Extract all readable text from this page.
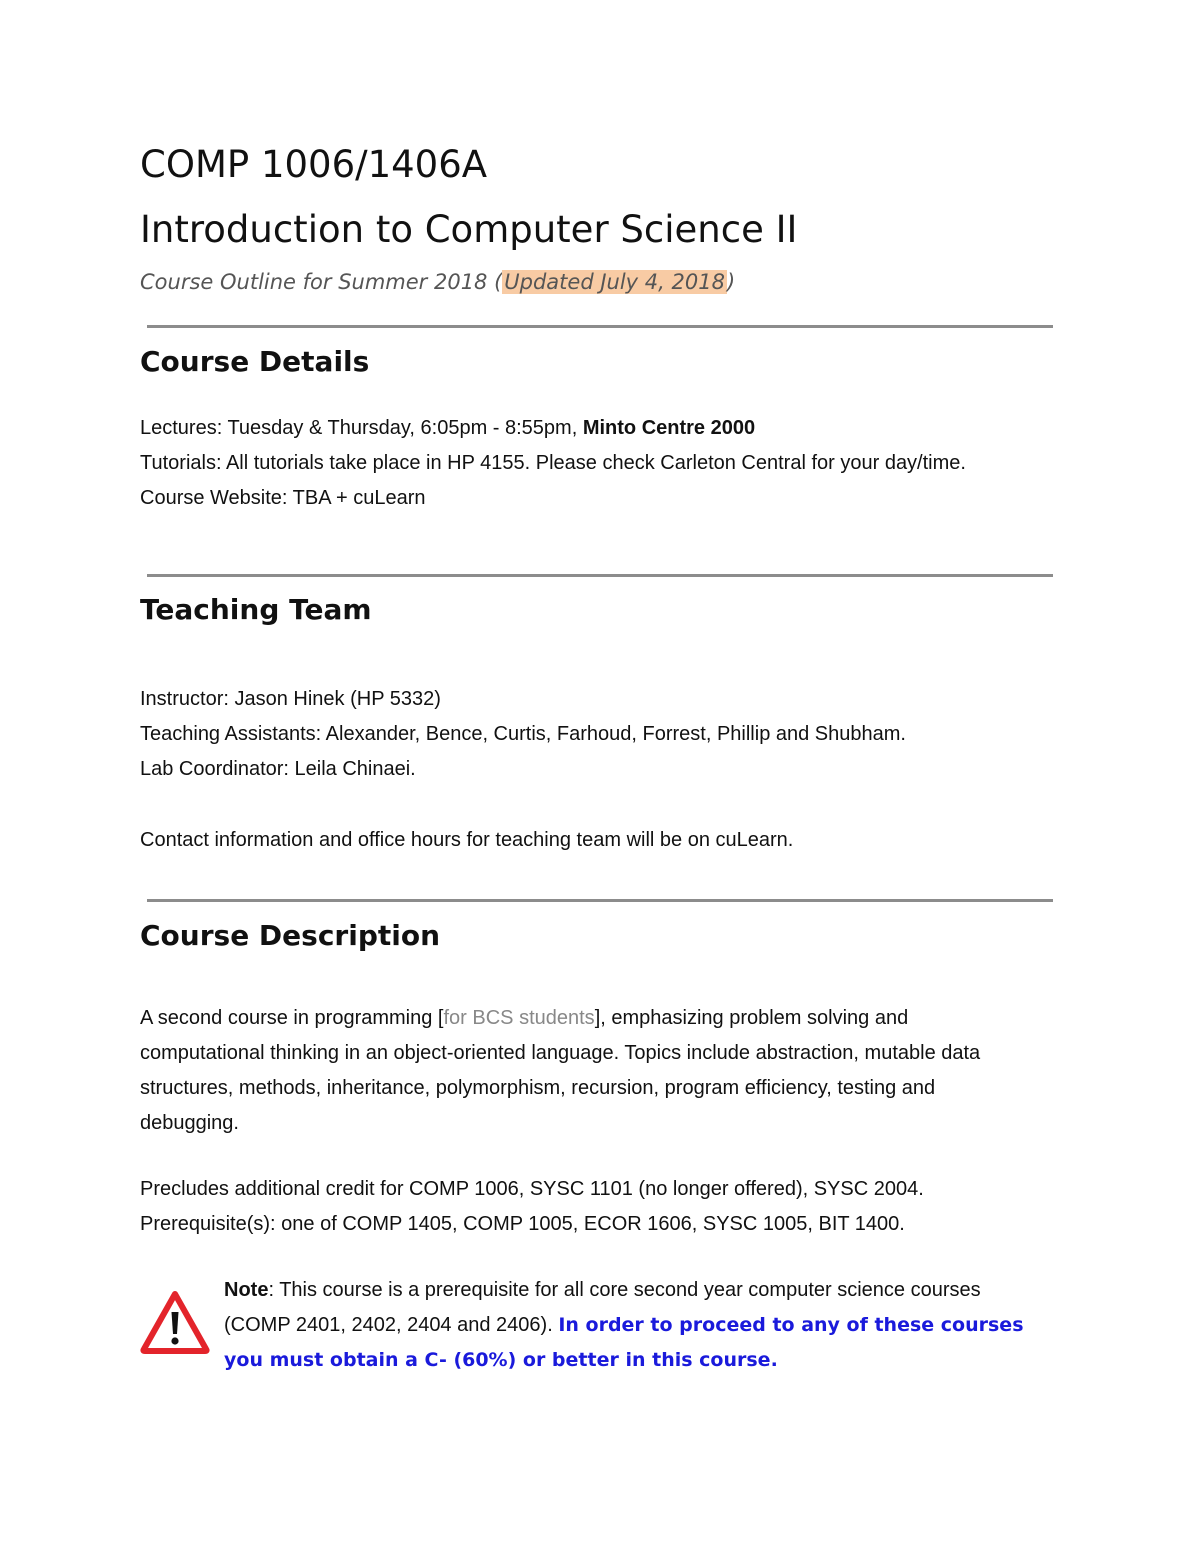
COMP 1006/1406A
Introduction to Computer Science II

Course Outline for Summer 2018 (Updated July 4, 2018)

Course Details
Lectures: Tuesday & Thursday, 6:05pm - 8:55pm, Minto Centre 2000
Tutorials: All tutorials take place in HP 4155. Please check Carleton Central for your day/time.
Course Website: TBA + cuLearn
Teaching Team
Instructor: Jason Hinek (HP 5332)
Teaching Assistants: Alexander, Bence, Curtis, Farhoud, Forrest, Phillip and Shubham.
Lab Coordinator: Leila Chinaei.
Contact information and office hours for teaching team will be on cuLearn.
Course Description
A second course in programming [for BCS students], emphasizing problem solving and
computational thinking in an object-oriented language. Topics include abstraction, mutable data
structures, methods, inheritance, polymorphism, recursion, program efficiency, testing and
debugging.
Precludes additional credit for COMP 1006, SYSC 1101 (no longer offered), SYSC 2004.
Prerequisite(s): one of COMP 1405, COMP 1005, ECOR 1606, SYSC 1005, BIT 1400.
Note: This course is a prerequisite for all core second year computer science courses
(COMP 2401, 2402, 2404 and 2406). In order to proceed to any of these courses
you must obtain a C- (60%) or better in this course.
